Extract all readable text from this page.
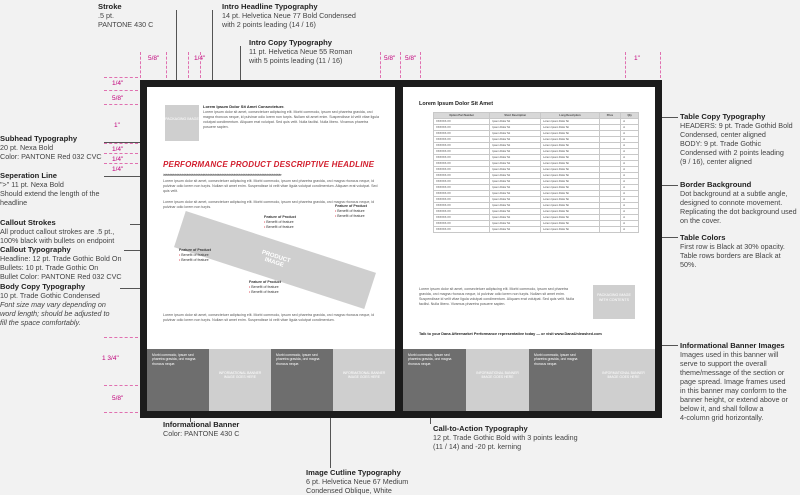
Stroke
.5 pt.
PANTONE 430 C
Intro Headline Typography
14 pt. Helvetica Neue 77 Bold Condensed
with 2 points leading (14 / 16)
Intro Copy Typography
11 pt. Helvetica Neue 55 Roman
with 5 points leading (11 / 16)
Subhead Typography
20 pt. Nexa Bold
Color: PANTONE Red 032 CVC
Seperation Line
">" 11 pt. Nexa Bold
Should extend the length of the
headline
Callout Strokes
All product callout strokes are .5 pt.,
100% black with bullets on endpoint
Callout Typography
Headline: 12 pt. Trade Gothic Bold On
Bullets: 10 pt. Trade Gothic On
Bullet Color: PANTONE Red 032 CVC
Body Copy Typography
10 pt. Trade Gothic Condensed
Font size may vary depending on
word length; should be adjusted to
fill the space comfortably.
Informational Banner
Color: PANTONE 430 C
Image Cutline Typography
6 pt. Helvetica Neue 67 Medium
Condensed Oblique, White
Call-to-Action Typography
12 pt. Trade Gothic Bold with 3 points leading
(11 / 14) and -20 pt. kerning
Table Copy Typography
HEADERS: 9 pt. Trade Gothid Bold
Condensed, center aligned
BODY: 9 pt. Trade Gothic
Condensed with 2 points leading
(9 / 16), center aligned
Border Background
Dot background at a subtle angle,
designed to connote movement.
Replicating the dot background used
on the cover.
Table Colors
First row is Black at 30% opacity.
Table rows borders are Black at
50%.
Informational Banner Images
Images used in this banner will
serve to support the overall
theme/message of the section or
page spread. Image frames used
in this banner may conform to the
banner height, or extend above or
below it, and shall follow a
4-column grid horizontally.
5/8"	1/4"	5/8" 5/8"	1"
1/4"
5/8"
1"
1/4"
1/4"
1/4"
1 3/4"
5/8"
PACKAGING IMAGE
Lorem Ipsum Dolor Sit Amet Consectetuer.
Lorem ipsum dolor sit amet, consectetuer adipiscing elit. Morbi commodo, ipsum sed pharetra gravida, orci magna rhoncus neque, id pulvinar odio lorem non turpis. Nullam sit amet enim. Suspendisse id velit vitae ligula volutpat condimentum. Aliquam erat volutpat. Sed quis velit. Nulla facilisi. Nulla libero. Vivamus pharetra posuere sapien.
PERFORMANCE PRODUCT DESCRIPTIVE HEADLINE
>>>>>>>>>>>>>>>>>>>>>>>>>>>>>>>>>>>>>>>>>>>>>>>>>>>>>>>>>>>>>>>>>>>>
Lorem ipsum dolor sit amet, consectetuer adipiscing elit. Morbi commodo, ipsum sed pharetra gravida, orci magna rhoncus neque, id pulvinar odio lorem non turpis. Nullam sit amet enim. Suspendisse id velit vitae ligula volutpat condimentum. Aliquam erat volutpat. Sed quis velit.
Lorem ipsum dolor sit amet, consectetuer adipiscing elit. Morbi commodo, ipsum sed pharetra gravida, orci magna rhoncus neque, id pulvinar odio lorem non turpis.
PRODUCT IMAGE
Feature of Product
• Benefit of feature
• Benefit of feature
Feature of Product
• Benefit of feature
• Benefit of feature
Feature of Product
• Benefit of feature
• Benefit of feature
Feature of Product
• Benefit of feature
• Benefit of feature
Lorem ipsum dolor sit amet, consectetuer adipiscing elit. Morbi commodo, ipsum sed pharetra gravida, orci magna rhoncus neque, id pulvinar odio lorem non turpis. Nullam sit amet enim. Suspendisse id velit vitae ligula volutpat condimentum.
Morbi commodo, ipsum sed pharetra gravida, orci magna rhoncus neque.
INFORMATIONAL BANNER IMAGE GOES HERE
Morbi commodo, ipsum sed pharetra gravida, orci magna rhoncus neque.
INFORMATIONAL BANNER IMAGE GOES HERE
Lorem Ipsum Dolor Sit Amet
Option Part Number	Short Description	Long Description	Price	Qty
XXXXXX-XX	Ipsum Dolor Sit	Lorem Ipsum Dolor Sit		A
XXXXXX-XX	Ipsum Dolor Sit	Lorem Ipsum Dolor Sit		A
XXXXXX-XX	Ipsum Dolor Sit	Lorem Ipsum Dolor Sit		A
XXXXXX-XX	Ipsum Dolor Sit	Lorem Ipsum Dolor Sit		A
XXXXXX-XX	Ipsum Dolor Sit	Lorem Ipsum Dolor Sit		A
XXXXXX-XX	Ipsum Dolor Sit	Lorem Ipsum Dolor Sit		A
XXXXXX-XX	Ipsum Dolor Sit	Lorem Ipsum Dolor Sit		A
XXXXXX-XX	Ipsum Dolor Sit	Lorem Ipsum Dolor Sit		A
XXXXXX-XX	Ipsum Dolor Sit	Lorem Ipsum Dolor Sit		A
XXXXXX-XX	Ipsum Dolor Sit	Lorem Ipsum Dolor Sit		A
XXXXXX-XX	Ipsum Dolor Sit	Lorem Ipsum Dolor Sit		A
XXXXXX-XX	Ipsum Dolor Sit	Lorem Ipsum Dolor Sit		A
XXXXXX-XX	Ipsum Dolor Sit	Lorem Ipsum Dolor Sit		A
XXXXXX-XX	Ipsum Dolor Sit	Lorem Ipsum Dolor Sit		A
XXXXXX-XX	Ipsum Dolor Sit	Lorem Ipsum Dolor Sit		A
XXXXXX-XX	Ipsum Dolor Sit	Lorem Ipsum Dolor Sit		A
XXXXXX-XX	Ipsum Dolor Sit	Lorem Ipsum Dolor Sit		A
XXXXXX-XX	Ipsum Dolor Sit	Lorem Ipsum Dolor Sit		A
XXXXXX-XX	Ipsum Dolor Sit	Lorem Ipsum Dolor Sit		A
Lorem ipsum dolor sit amet, consectetuer adipiscing elit. Morbi commodo, ipsum sed pharetra gravida, orci magna rhoncus neque, id pulvinar odio lorem non turpis. Nullam sit amet enim. Suspendisse id velit vitae ligula volutpat condimentum. Aliquam erat volutpat. Sed quis velit. Nulla facilisi. Nulla libero. Vivamus pharetra posuere sapien.
PACKAGING IMAGE WITH CONTENTS
Talk to your Dana Aftermarket Performance representative today — or visit www.DanaUnleashed.com
Morbi commodo, ipsum sed pharetra gravida, orci magna rhoncus neque.
INFORMATIONAL BANNER IMAGE GOES HERE
Morbi commodo, ipsum sed pharetra gravida, orci magna rhoncus neque.
INFORMATIONAL BANNER IMAGE GOES HERE
